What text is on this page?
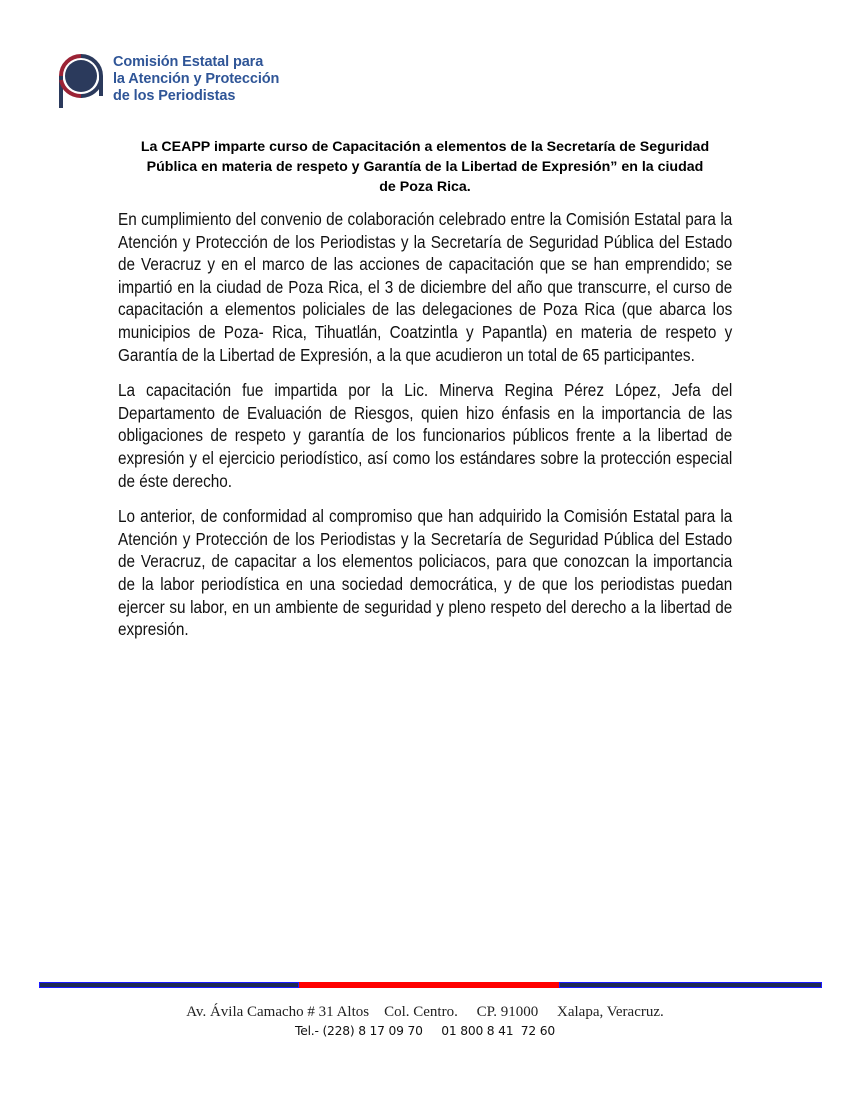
Comisión Estatal para
la Atención y Protección
de los Periodistas
La CEAPP imparte curso de Capacitación a elementos de la Secretaría de Seguridad
Pública en materia de respeto y Garantía de la Libertad de Expresión” en la ciudad
de Poza Rica.

En cumplimiento del convenio de colaboración celebrado entre la Comisión Estatal para la Atención y Protección de los Periodistas y la Secretaría de Seguridad Pública del Estado de Veracruz y en el marco de las acciones de capacitación que se han emprendido; se impartió en la ciudad de Poza Rica, el 3 de diciembre del año que transcurre, el curso de capacitación a elementos policiales de las delegaciones de Poza Rica (que abarca los municipios de Poza- Rica, Tihuatlán, Coatzintla y Papantla) en materia de respeto y Garantía de la Libertad de Expresión, a la que acudieron un total de 65 participantes.

La capacitación fue impartida por la Lic. Minerva Regina Pérez López, Jefa del Departamento de Evaluación de Riesgos, quien hizo énfasis en la importancia de las obligaciones de respeto y garantía de los funcionarios públicos frente a la libertad de expresión y el ejercicio periodístico, así como los estándares sobre la protección especial de éste derecho.

Lo anterior, de conformidad al compromiso que han adquirido la Comisión Estatal para la Atención y Protección de los Periodistas y la Secretaría de Seguridad Pública del Estado de Veracruz, de capacitar a los elementos policiacos, para que conozcan la importancia de la labor periodística en una sociedad democrática, y de que los periodistas puedan ejercer su labor, en un ambiente de seguridad y pleno respeto del derecho a la libertad de expresión.

Av. Ávila Camacho # 31 Altos    Col. Centro.     CP. 91000     Xalapa, Veracruz.
Tel.- (228) 8 17 09 70     01 800 8 41  72 60
